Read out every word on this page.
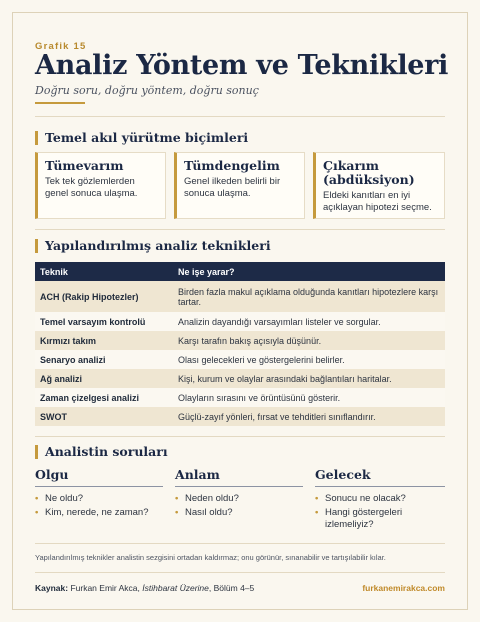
Grafik 15
Analiz Yöntem ve Teknikleri
Doğru soru, doğru yöntem, doğru sonuç
Temel akıl yürütme biçimleri
Tümevarım

Tek tek gözlemlerden genel sonuca ulaşma.

Tümdengelim

Genel ilkeden belirli bir sonuca ulaşma.

Çıkarım (abdüksiyon)

Eldeki kanıtları en iyi açıklayan hipotezi seçme.

Yapılandırılmış analiz teknikleri
Teknik	Ne işe yarar?
ACH (Rakip Hipotezler)	Birden fazla makul açıklama olduğunda kanıtları hipotezlere karşı tartar.
Temel varsayım kontrolü	Analizin dayandığı varsayımları listeler ve sorgular.
Kırmızı takım	Karşı tarafın bakış açısıyla düşünür.
Senaryo analizi	Olası gelecekleri ve göstergelerini belirler.
Ağ analizi	Kişi, kurum ve olaylar arasındaki bağlantıları haritalar.
Zaman çizelgesi analizi	Olayların sırasını ve örüntüsünü gösterir.
SWOT	Güçlü-zayıf yönleri, fırsat ve tehditleri sınıflandırır.
Analistin soruları
Olgu
• Ne oldu?
• Kim, nerede, ne zaman?
Anlam
• Neden oldu?
• Nasıl oldu?
Gelecek
• Sonucu ne olacak?
• Hangi göstergeleri izlemeliyiz?
Yapılandırılmış teknikler analistin sezgisini ortadan kaldırmaz; onu görünür, sınanabilir ve tartışılabilir kılar.
Kaynak: Furkan Emir Akca, İstihbarat Üzerine, Bölüm 4–5	furkanemirakca.com
